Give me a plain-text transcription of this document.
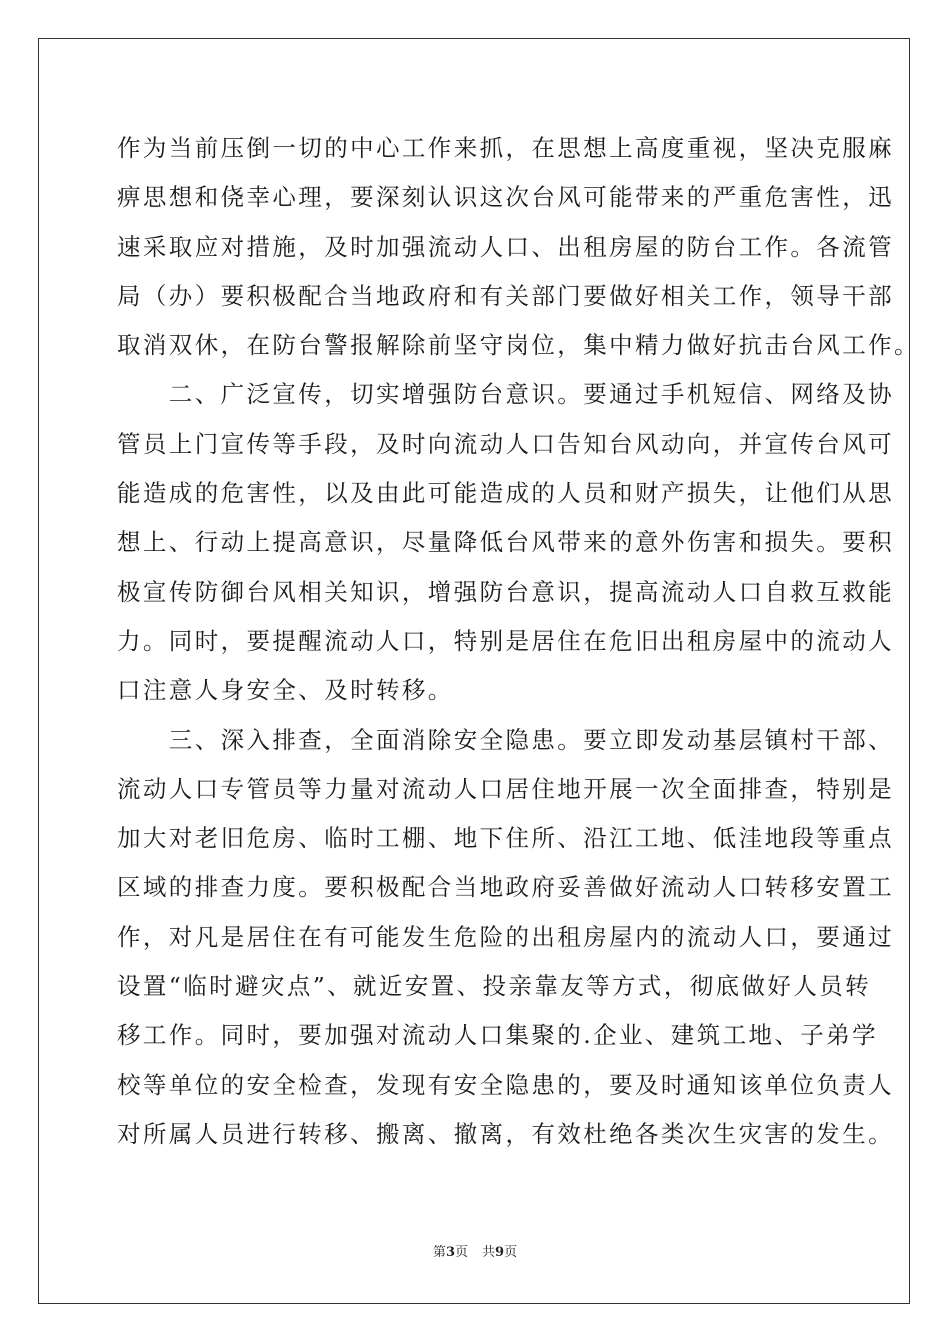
作为当前压倒一切的中心工作来抓，在思想上高度重视，坚决克服麻
痹思想和侥幸心理，要深刻认识这次台风可能带来的严重危害性，迅
速采取应对措施，及时加强流动人口、出租房屋的防台工作。各流管
局（办）要积极配合当地政府和有关部门要做好相关工作，领导干部
取消双休，在防台警报解除前坚守岗位，集中精力做好抗击台风工作。
　　二、广泛宣传，切实增强防台意识。要通过手机短信、网络及协
管员上门宣传等手段，及时向流动人口告知台风动向，并宣传台风可
能造成的危害性，以及由此可能造成的人员和财产损失，让他们从思
想上、行动上提高意识，尽量降低台风带来的意外伤害和损失。要积
极宣传防御台风相关知识，增强防台意识，提高流动人口自救互救能
力。同时，要提醒流动人口，特别是居住在危旧出租房屋中的流动人
口注意人身安全、及时转移。
　　三、深入排查，全面消除安全隐患。要立即发动基层镇村干部、
流动人口专管员等力量对流动人口居住地开展一次全面排查，特别是
加大对老旧危房、临时工棚、地下住所、沿江工地、低洼地段等重点
区域的排查力度。要积极配合当地政府妥善做好流动人口转移安置工
作，对凡是居住在有可能发生危险的出租房屋内的流动人口，要通过
设置“临时避灾点”、就近安置、投亲靠友等方式，彻底做好人员转
移工作。同时，要加强对流动人口集聚的.企业、建筑工地、子弟学
校等单位的安全检查，发现有安全隐患的，要及时通知该单位负责人
对所属人员进行转移、搬离、撤离，有效杜绝各类次生灾害的发生。
第3页 共9页
